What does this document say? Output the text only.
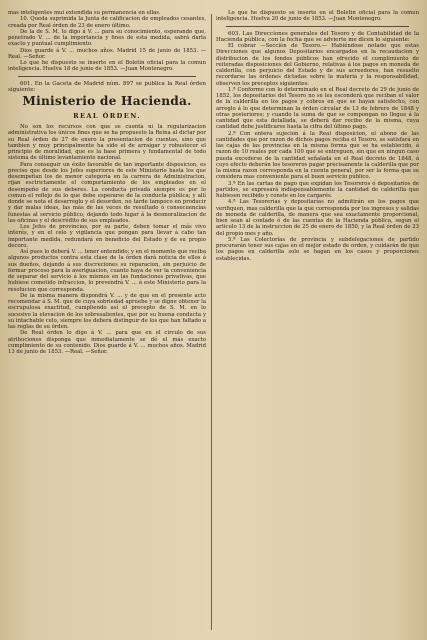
mas inteligentes mui extendida su permanencia en ellas.

10. Queda suprimida la Junta de calificacion de empleados cesantes, creada por Real órden de 23 de enero último.

De la de S. M. lo digo á V. ... para su conocimiento, esperando que, penetrado V. ... de la importancia y fines de esta medida, sabrá darla exacto y puntual cumplimiento.

Dios guarde á V. ... muchos años. Madrid 15 de junio de 1853. —Real. —Señor.

Lo que he dispuesto se inserte en el Boletin oficial para la comun inteligencia. Huelva 18 de junio de 1853. —Juan Montenegro.

601. En la Gaceta de Madrid núm. 897 se publica la Real órden siguiente:

Ministerio de Hacienda.
REAL ÓRDEN.

No son los recursos con que se cuenta ni la regularizacion administrativa los únicos fines que se ha propuesto la Reina al dictar por su Real órden de 27 de enero la presentacion de cuentas, sino que tambien y muy principalmente ha sido el de arraigar y robustecer el principio de moralidad, que es la base primera y fundamental de todo sistema de último levantamiento nacional.

Para conseguir un éxito favorable de tan importante disposicion, es preciso que desde los Jefes superiores de este Ministerio hasta los que desempeñan los de menor categoría en la carrera de Administracion, rijan esctrictamente el comportamiento de los empleados en el desempeño de sus deberes. La conducta privada siempre es por lo comun el reflejo de lo que debe esperarse de la conducta pública; y allí donde se nota el desarreglo y el desorden, no tarde tampoco en producir y dar malas ideas, las más de las veces de resultado ó consecuencias funestas al servicio público, dejando todo lugar á la desmoralizacion de las oficinas y el descrédito de sus empleados.

Los Jefes de provincias, por su parte, deben tomar el más vivo interés, y en el celo y vigilancia que pongan para llevar á cabo tan importante medida, redundará en beneficio del Estado y de su propio decoro.

Así pues lo deberá V. ... tener entendido; y en el momento que reciba algunos productos contra esta clase de la órden dará noticia de ellos á sus dueños, dejando á sus discreciones su reparacion, sin perjuicio de formar proceso para la averiguacion, cuanto haya de ver la conveniencia de separar del servicio á los mismos en las fundaciones privativas, que hubiese cometido infraccion, lo prevendrá V. ... á este Ministerio para la resolucion que corresponda.

De la misma manera dispondrá V. ... y de que en el presente acto recomendar á S. M. que de cuya sobriedad apruebe y se digne obtener la escrupulosa exactitud, cumpliendo así el precepto de S. M. en lo sucesivo la elevacion de los sobresalientes, que por su buena conducta y su intachable celo, siempre los deberá distinguir de los que han faltado a las reglas de su órden.

De Real órden lo digo á V. ... para que en el circulo de sus atribuciones disponga que inmediatamente se dé el más exacto cumplimiento de su contenido. Dios guarde á V. ... muchos años. Madrid 13 de junio de 1853. —Real. —Señor.

Lo que he dispuesto se inserte en el Boletin oficial para la comun inteligencia. Huelva 20 de junio de 1853. —Juan Montenegro.

603. Las Direcciones generales del Tesoro y de Contabilidad de la Hacienda pública, con la fecha que se advierte me dicen lo siguiente:

El cobrar —Sección de Tesoro.— Habiéndose notado que estas Direcciones que algunos Depositarios encargados en la recaudacion y distribucion de los fondos públicos han ofrecido el cumplimiento de reiteradas disposiciones del Gobierno, relativas á los pagos en moneda de calderilla, con perjuicio del Estado y de sus acreedores, han resuelto recordarse las órdenes dictadas sobre la materia y la responsabilidad, observen los preceptos siguientes:

1.ª Conforme con lo determinado en el Real decreto de 29 de junio de 1852, los depositarios del Tesoro no se les esconderá que reciban el valor de la calderilla en los pagos y cobros en que se hayan satisfecho, con arreglo á lo que determinan la órden circular de 13 de febrero de 1848 y otras posteriores; y cuando la suma de que se compongan no llegue á la cantidad que esta detallada, se deberá dar recibo de la misma, cuya cantidad debe justificarse hasta la cifra del último pago.

2.ª Con entera sujecion á la Real disposicion, el abono de las cantidades que por razon de dichos pagos reciba el Tesoro, se satisfará en las cajas de las provincias en la misma forma que se ha establecido, á razon de 10 reales por cada 100 que se entreguen, sin que en ningun caso pueda excederse de la cantidad señalada en el Real decreto de 1848, á cuyo efecto deberán los tesoreros pagar precisamente la calderilla que por la misma razon corresponda en la cuenta general, por ser la forma que se considera mas conveniente para el buen servicio público.

3.ª En las cartas de pago que expidan los Tesoreros ó depositarios de partidos, se expresará indispensablemente la cantidad de calderilla que hubiesen recibido y conste en los cargarés.

4.ª Las Tesorerías y depositarías no admitirán en los pagos que verifiquen, mas calderilla que la que corresponda por los ingresos y salidas de moneda de calderilla, de manera que sea exactamente proporcional, bien sean al contado ó de las cuentas de la Hacienda pública, segun el articulo 13 de la instruccion de 25 de enero de 1850, y la Real órden de 23 del propio mes y año.

5.ª Las Colectorías de provincia y subdelegaciones de partido procurarán tener sus cajas en el mejor estado de orden, y cuidarán de que los pagos en calderilla solo se hagan en los casos y proporciones establecidas.
